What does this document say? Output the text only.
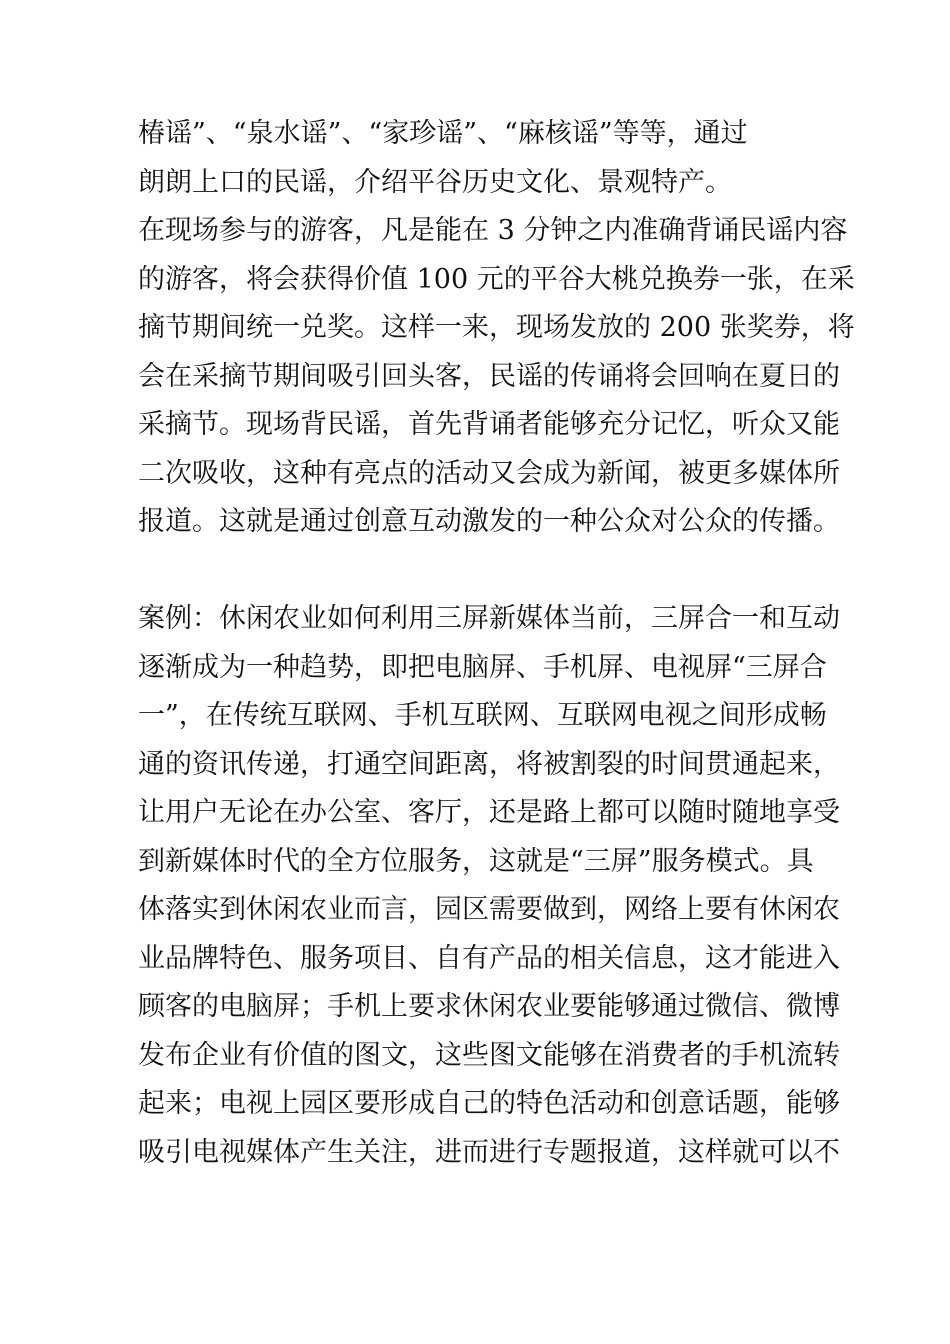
椿谣”、“泉水谣”、“家珍谣”、“麻核谣”等等，通过
朗朗上口的民谣，介绍平谷历史文化、景观特产。
在现场参与的游客，凡是能在 3 分钟之内准确背诵民谣内容
的游客，将会获得价值 100 元的平谷大桃兑换券一张，在采
摘节期间统一兑奖。这样一来，现场发放的 200 张奖券，将
会在采摘节期间吸引回头客，民谣的传诵将会回响在夏日的
采摘节。现场背民谣，首先背诵者能够充分记忆，听众又能
二次吸收，这种有亮点的活动又会成为新闻，被更多媒体所
报道。这就是通过创意互动激发的一种公众对公众的传播。
案例：休闲农业如何利用三屏新媒体当前，三屏合一和互动
逐渐成为一种趋势，即把电脑屏、手机屏、电视屏“三屏合
一”，在传统互联网、手机互联网、互联网电视之间形成畅
通的资讯传递，打通空间距离，将被割裂的时间贯通起来，
让用户无论在办公室、客厅，还是路上都可以随时随地享受
到新媒体时代的全方位服务，这就是“三屏”服务模式。具
体落实到休闲农业而言，园区需要做到，网络上要有休闲农
业品牌特色、服务项目、自有产品的相关信息，这才能进入
顾客的电脑屏；手机上要求休闲农业要能够通过微信、微博
发布企业有价值的图文，这些图文能够在消费者的手机流转
起来；电视上园区要形成自己的特色活动和创意话题，能够
吸引电视媒体产生关注，进而进行专题报道，这样就可以不
